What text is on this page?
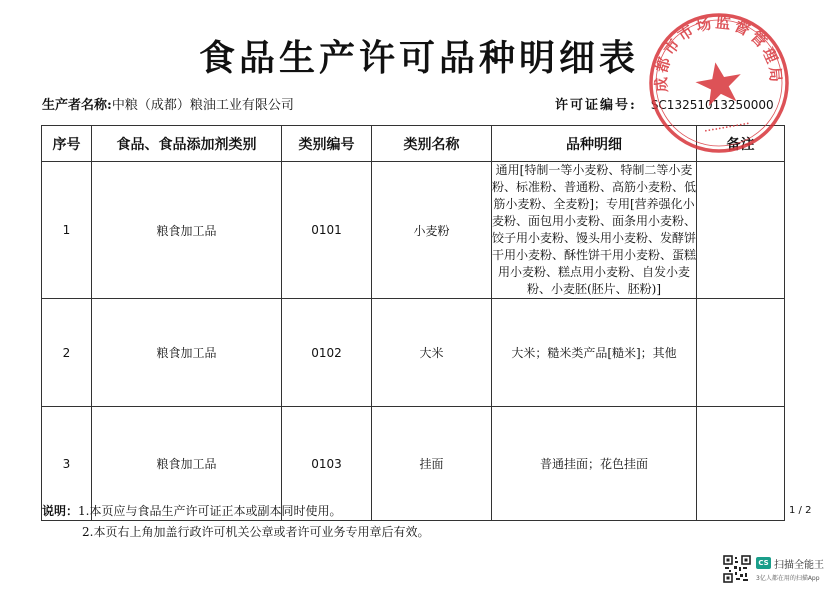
食品生产许可品种明细表
生产者名称:中粮（成都）粮油工业有限公司	许可证编号: SC13251013250000
序号	食品、食品添加剂类别	类别编号	类别名称	品种明细	备注
1	粮食加工品	0101	小麦粉	通用[特制一等小麦粉、特制二等小麦粉、标准粉、普通粉、高筋小麦粉、低筋小麦粉、全麦粉]；专用[营养强化小麦粉、面包用小麦粉、面条用小麦粉、饺子用小麦粉、馒头用小麦粉、发酵饼干用小麦粉、酥性饼干用小麦粉、蛋糕用小麦粉、糕点用小麦粉、自发小麦粉、小麦胚(胚片、胚粉)]	
2	粮食加工品	0102	大米	大米；糙米类产品[糙米]；其他	
3	粮食加工品	0103	挂面	普通挂面；花色挂面	
说明：1.本页应与食品生产许可证正本或副本同时使用。
2.本页右上角加盖行政许可机关公章或者许可业务专用章后有效。
1 / 2
成都市市场监督管理局
•••••••••••••
CS 扫描全能王
3亿人都在用的扫描App
